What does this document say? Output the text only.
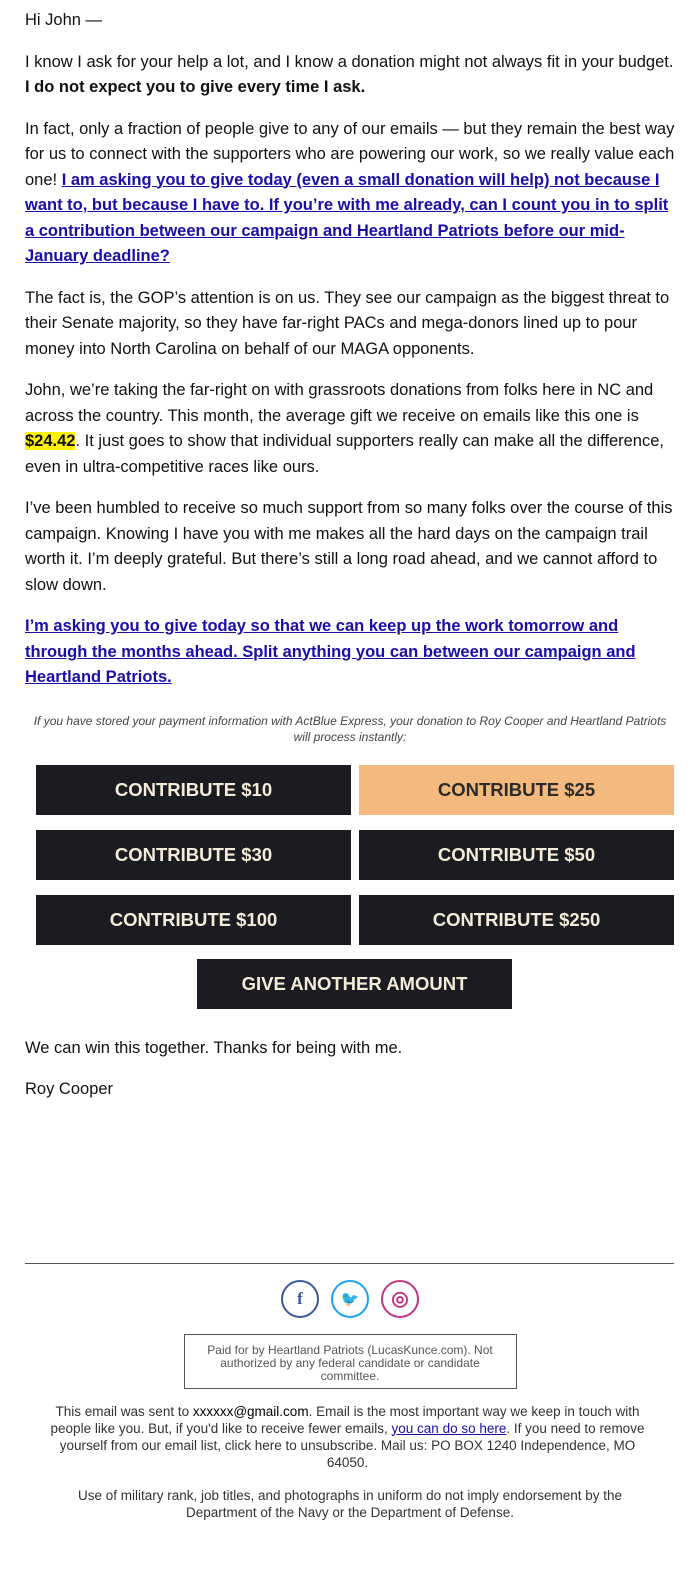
Hi John —

I know I ask for your help a lot, and I know a donation might not always fit in your budget. I do not expect you to give every time I ask.

In fact, only a fraction of people give to any of our emails — but they remain the best way for us to connect with the supporters who are powering our work, so we really value each one! I am asking you to give today (even a small donation will help) not because I want to, but because I have to. If you’re with me already, can I count you in to split a contribution between our campaign and Heartland Patriots before our mid-January deadline?

The fact is, the GOP’s attention is on us. They see our campaign as the biggest threat to their Senate majority, so they have far-right PACs and mega-donors lined up to pour money into North Carolina on behalf of our MAGA opponents.

John, we’re taking the far-right on with grassroots donations from folks here in NC and across the country. This month, the average gift we receive on emails like this one is $24.42. It just goes to show that individual supporters really can make all the difference, even in ultra-competitive races like ours.

I’ve been humbled to receive so much support from so many folks over the course of this campaign. Knowing I have you with me makes all the hard days on the campaign trail worth it. I’m deeply grateful. But there’s still a long road ahead, and we cannot afford to slow down.

I’m asking you to give today so that we can keep up the work tomorrow and through the months ahead. Split anything you can between our campaign and Heartland Patriots.

If you have stored your payment information with ActBlue Express, your donation to Roy Cooper and Heartland Patriots will process instantly:
CONTRIBUTE $10	CONTRIBUTE $25
CONTRIBUTE $30	CONTRIBUTE $50
CONTRIBUTE $100	CONTRIBUTE $250
GIVE ANOTHER AMOUNT

We can win this together. Thanks for being with me.

Roy Cooper

f	🐦	◎
Paid for by Heartland Patriots (LucasKunce.com). Not authorized by any federal candidate or candidate committee.

This email was sent to xxxxxx@gmail.com. Email is the most important way we keep in touch with people like you. But, if you'd like to receive fewer emails, you can do so here. If you need to remove yourself from our email list, click here to unsubscribe. Mail us: PO BOX 1240 Independence, MO 64050.

Use of military rank, job titles, and photographs in uniform do not imply endorsement by the Department of the Navy or the Department of Defense.
